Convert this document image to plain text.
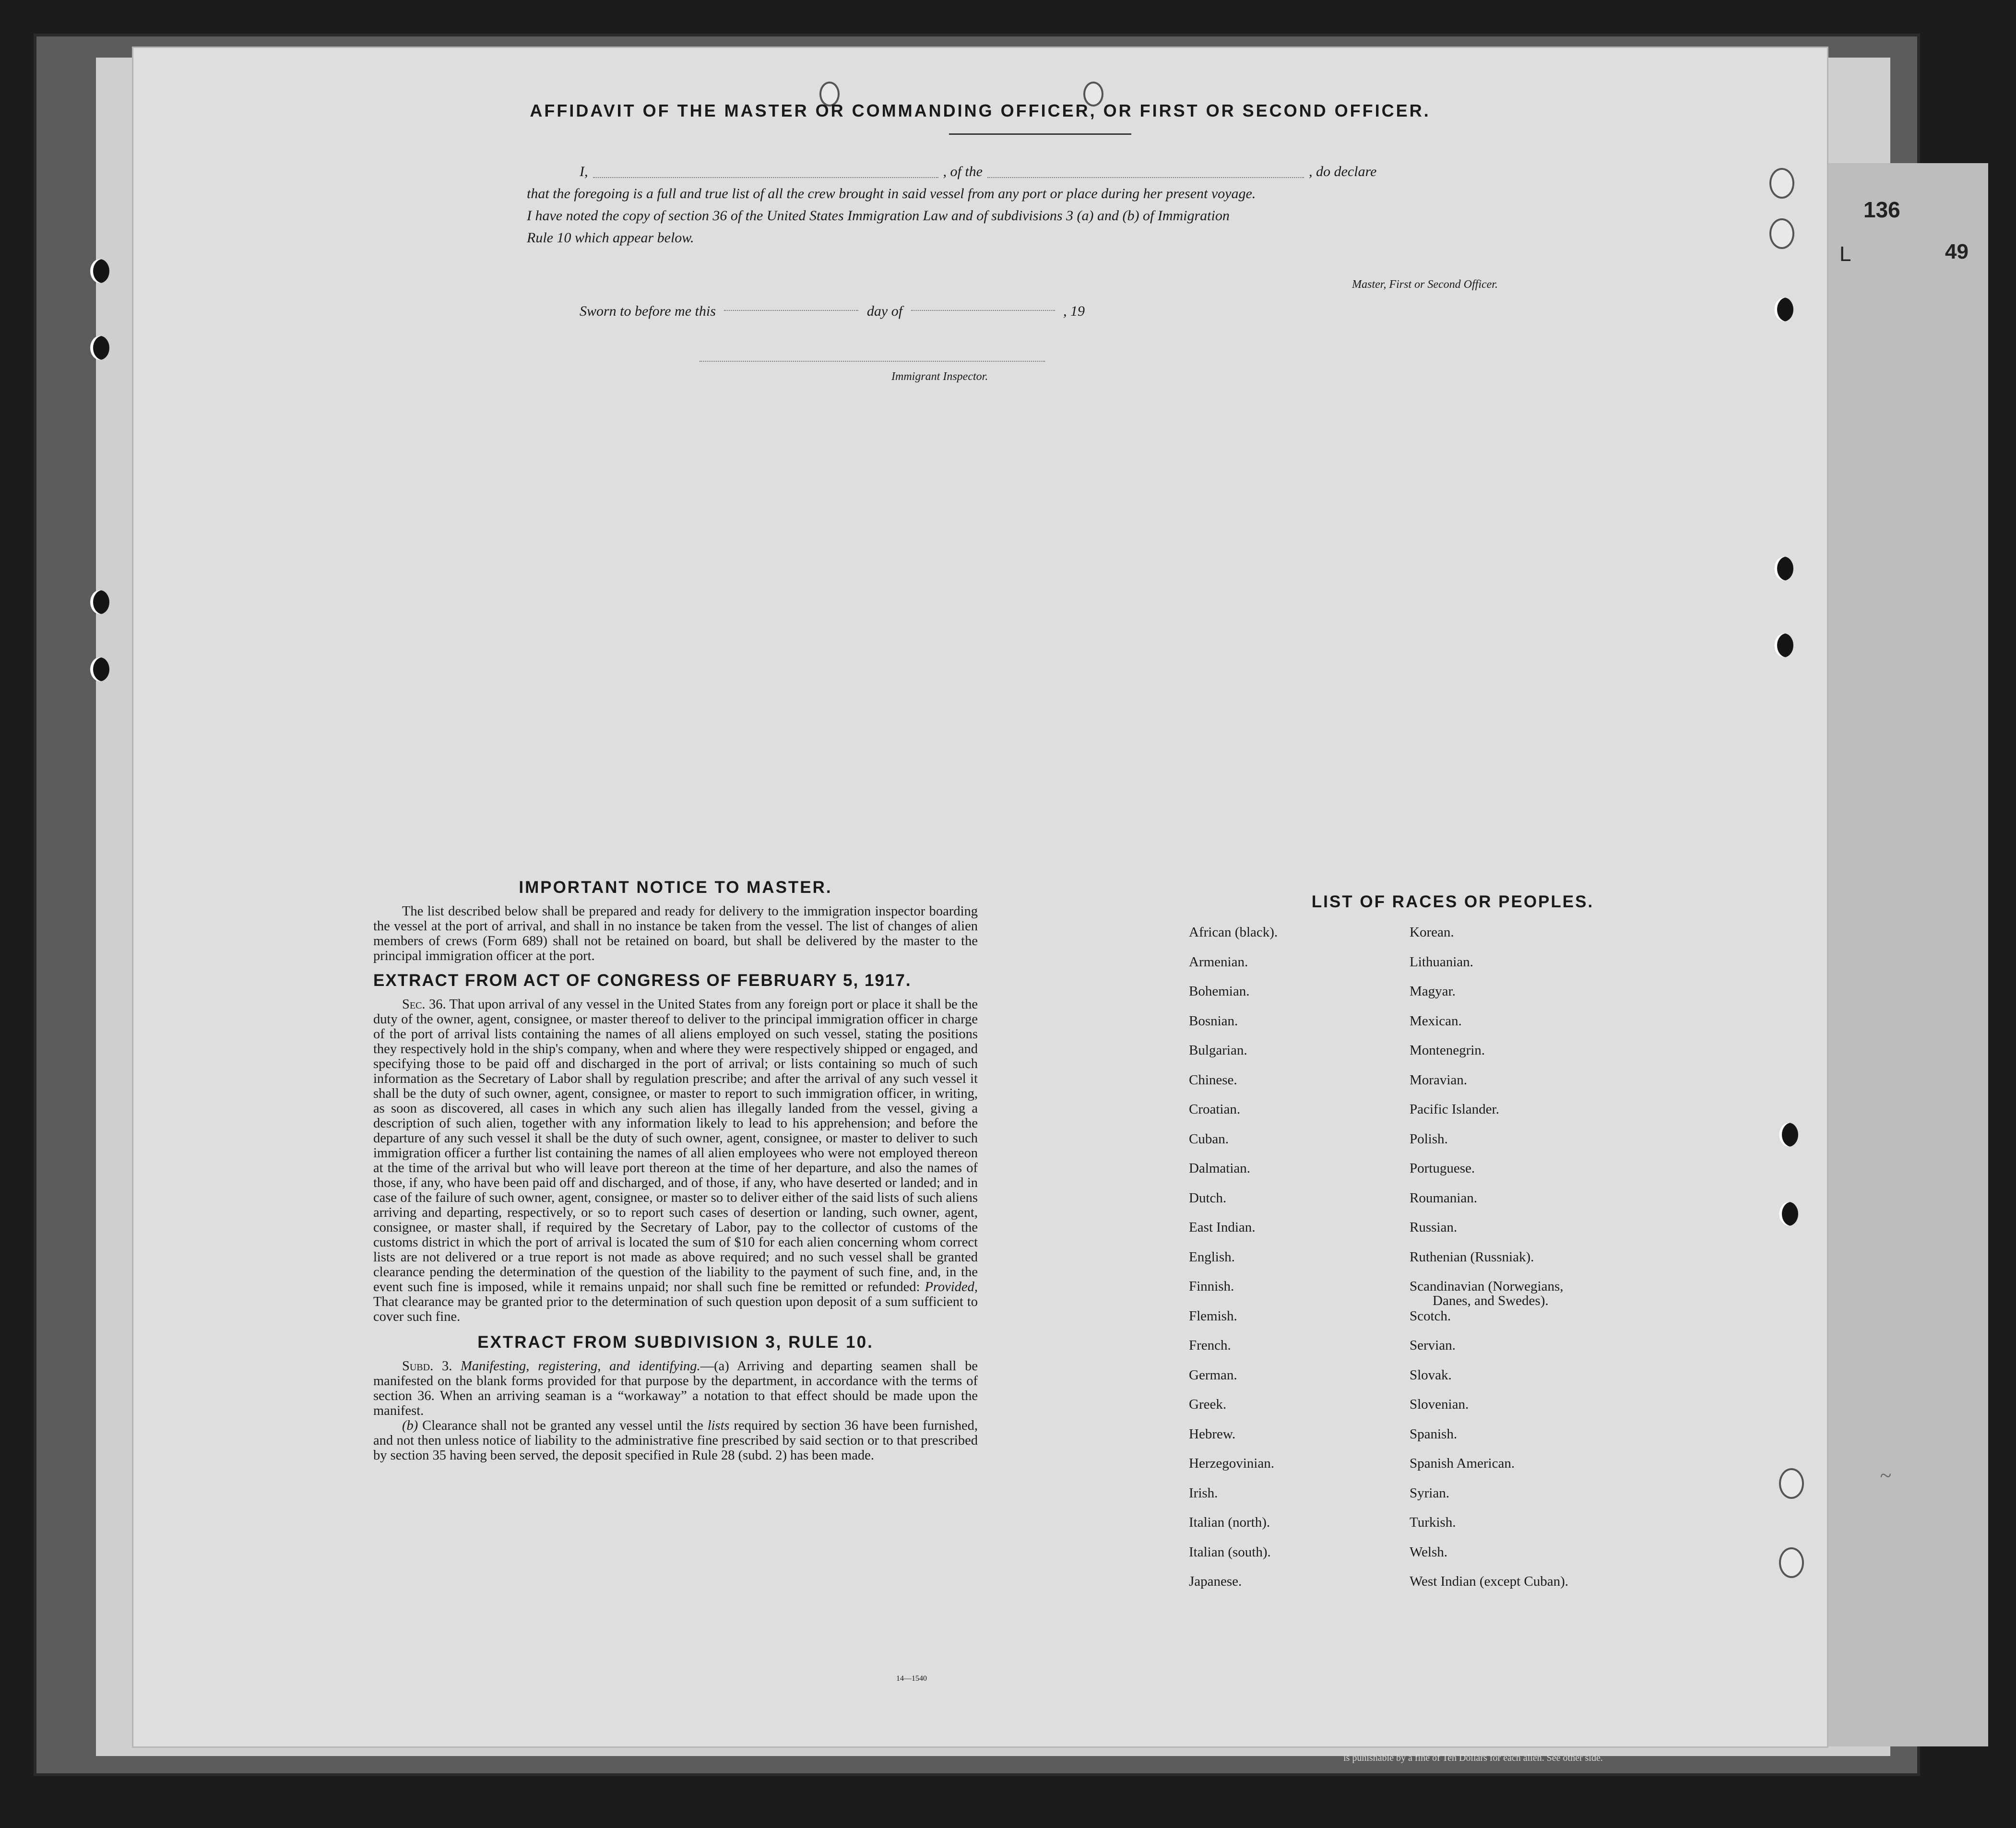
136
L	49
AFFIDAVIT OF THE MASTER OR COMMANDING OFFICER, OR FIRST OR SECOND OFFICER.
I,	, of the	, do declare
that the foregoing is a full and true list of all the crew brought in said vessel from any port or place during her present voyage.
I have noted the copy of section 36 of the United States Immigration Law and of subdivisions 3 (a) and (b) of Immigration
Rule 10 which appear below.
Master, First or Second Officer.
Sworn to before me this	day of	, 19
Immigrant Inspector.
IMPORTANT NOTICE TO MASTER.

The list described below shall be prepared and ready for delivery to the immigration inspector boarding the vessel at the port of arrival, and shall in no instance be taken from the vessel. The list of changes of alien members of crews (Form 689) shall not be retained on board, but shall be delivered by the master to the principal immigration officer at the port.

EXTRACT FROM ACT OF CONGRESS OF FEBRUARY 5, 1917.

Sec. 36. That upon arrival of any vessel in the United States from any foreign port or place it shall be the duty of the owner, agent, consignee, or master thereof to deliver to the principal immigration officer in charge of the port of arrival lists containing the names of all aliens employed on such vessel, stating the positions they respectively hold in the ship's company, when and where they were respectively shipped or engaged, and specifying those to be paid off and discharged in the port of arrival; or lists containing so much of such information as the Secretary of Labor shall by regulation prescribe; and after the arrival of any such vessel it shall be the duty of such owner, agent, consignee, or master to report to such immigration officer, in writing, as soon as discovered, all cases in which any such alien has illegally landed from the vessel, giving a description of such alien, together with any information likely to lead to his apprehension; and before the departure of any such vessel it shall be the duty of such owner, agent, consignee, or master to deliver to such immigration officer a further list containing the names of all alien employees who were not employed thereon at the time of the arrival but who will leave port thereon at the time of her departure, and also the names of those, if any, who have been paid off and discharged, and of those, if any, who have deserted or landed; and in case of the failure of such owner, agent, consignee, or master so to deliver either of the said lists of such aliens arriving and departing, respectively, or so to report such cases of desertion or landing, such owner, agent, consignee, or master shall, if required by the Secretary of Labor, pay to the collector of customs of the customs district in which the port of arrival is located the sum of $10 for each alien concerning whom correct lists are not delivered or a true report is not made as above required; and no such vessel shall be granted clearance pending the determination of the question of the liability to the payment of such fine, and, in the event such fine is imposed, while it remains unpaid; nor shall such fine be remitted or refunded: Provided, That clearance may be granted prior to the determination of such question upon deposit of a sum sufficient to cover such fine.

EXTRACT FROM SUBDIVISION 3, RULE 10.

Subd. 3. Manifesting, registering, and identifying.—(a) Arriving and departing seamen shall be manifested on the blank forms provided for that purpose by the department, in accordance with the terms of section 36. When an arriving seaman is a “workaway” a notation to that effect should be made upon the manifest.

(b) Clearance shall not be granted any vessel until the lists required by section 36 have been furnished, and not then unless notice of liability to the administrative fine prescribed by said section or to that prescribed by section 35 having been served, the deposit specified in Rule 28 (subd. 2) has been made.

14—1540
LIST OF RACES OR PEOPLES.
African (black).	Korean.
Armenian.	Lithuanian.
Bohemian.	Magyar.
Bosnian.	Mexican.
Bulgarian.	Montenegrin.
Chinese.	Moravian.
Croatian.	Pacific Islander.
Cuban.	Polish.
Dalmatian.	Portuguese.
Dutch.	Roumanian.
East Indian.	Russian.
English.	Ruthenian (Russniak).
Finnish.	Scandinavian (Norwegians,
Danes, and Swedes).
Flemish.	Scotch.
French.	Servian.
German.	Slovak.
Greek.	Slovenian.
Hebrew.	Spanish.
Herzegovinian.	Spanish American.
Irish.	Syrian.
Italian (north).	Turkish.
Italian (south).	Welsh.
Japanese.	West Indian (except Cuban).
~
is punishable by a fine of Ten Dollars for each alien. See other side.
